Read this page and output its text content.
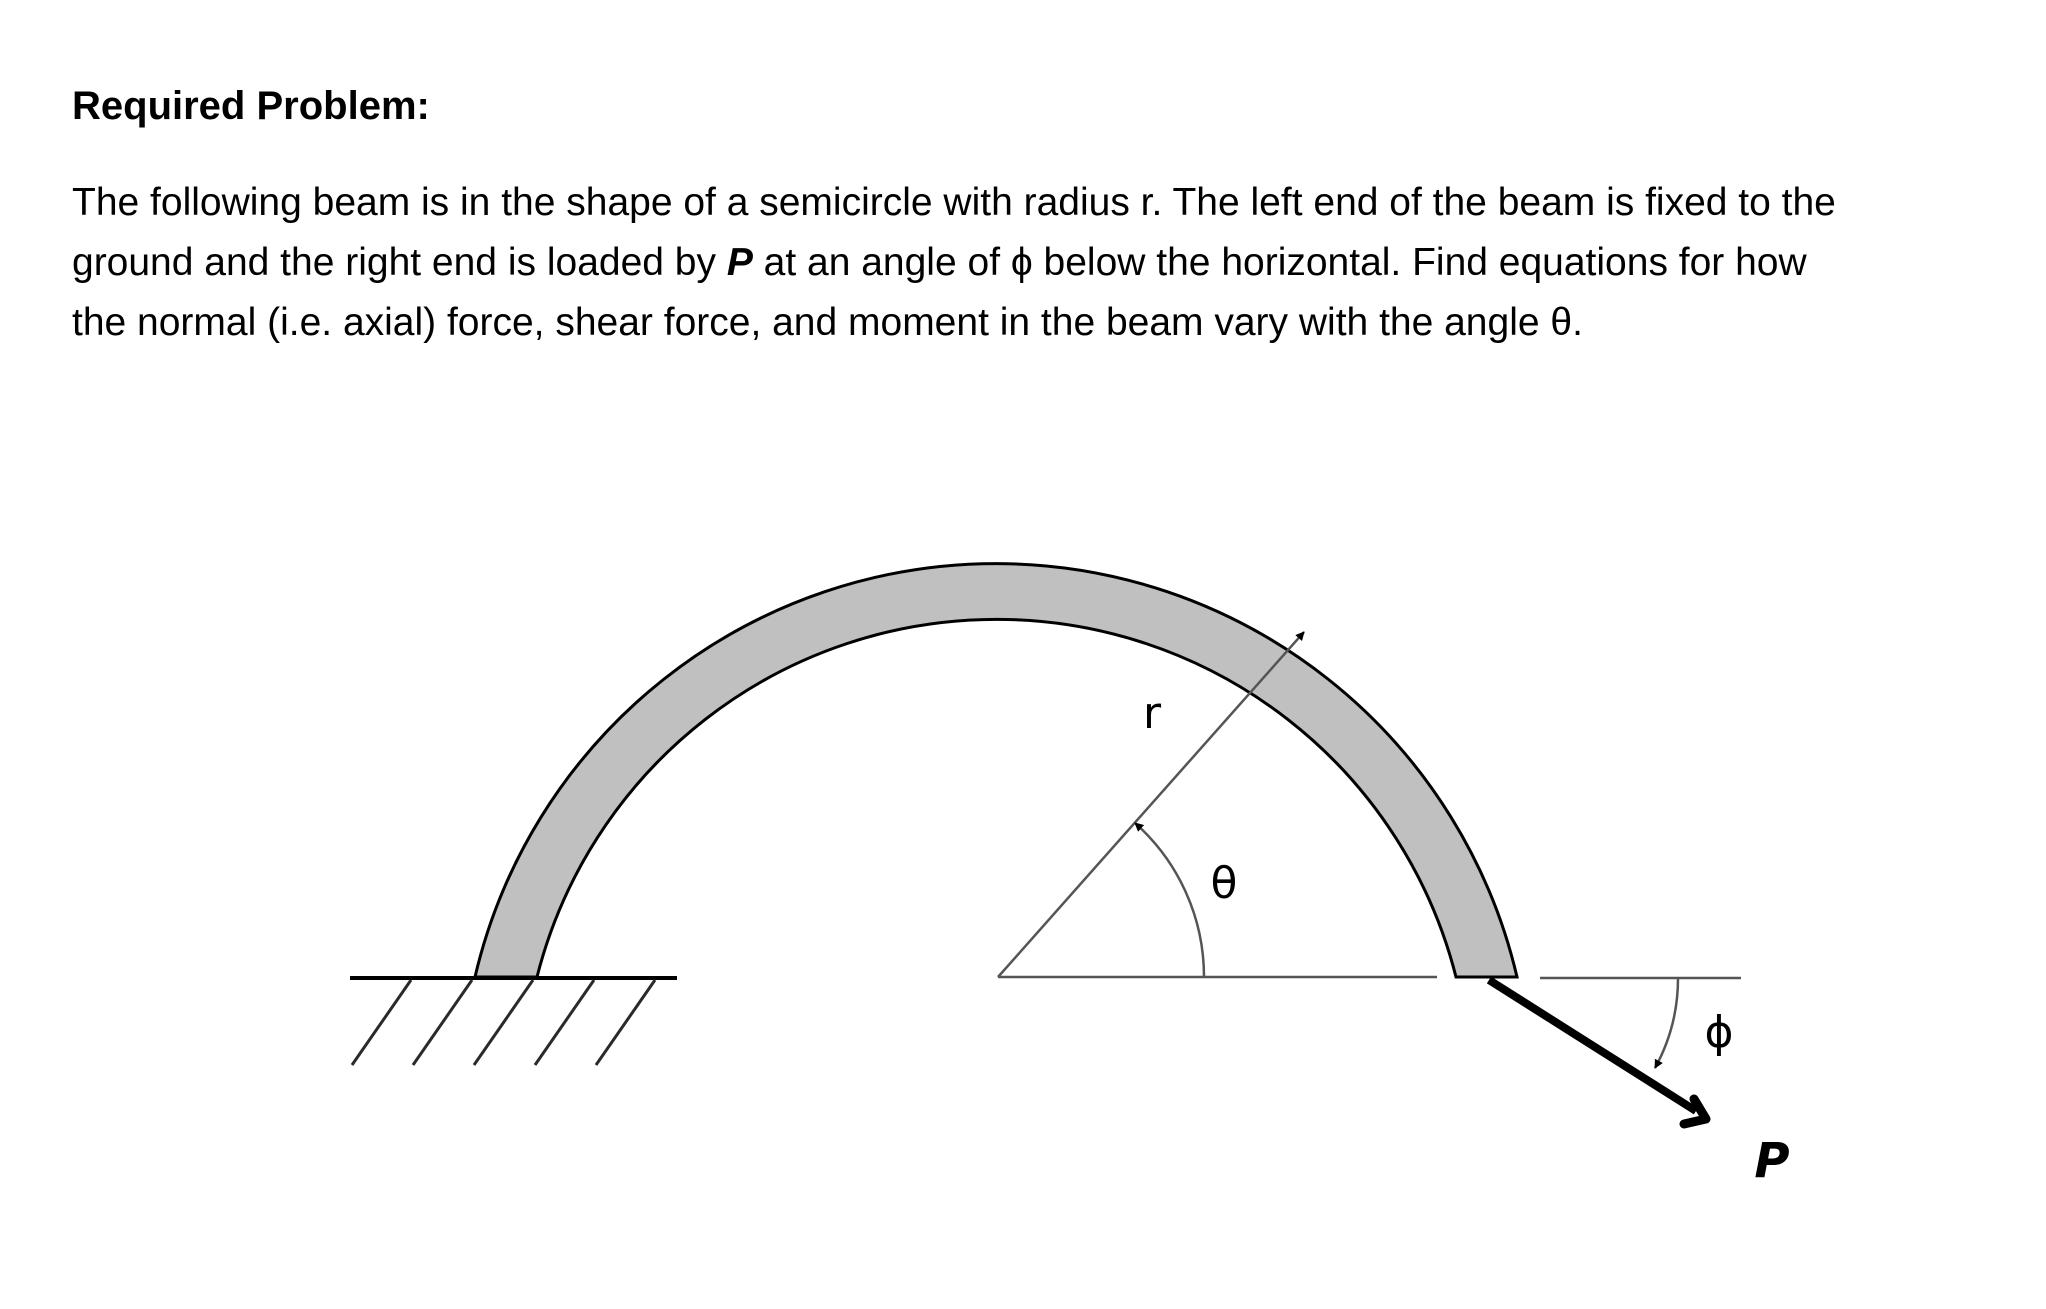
Required Problem:

The following beam is in the shape of a semicircle with radius r. The left end of the beam is fixed to the
ground and the right end is loaded by P at an angle of ϕ below the horizontal. Find equations for how
the normal (i.e. axial) force, shear force, and moment in the beam vary with the angle θ.

r
θ
ϕ
P
